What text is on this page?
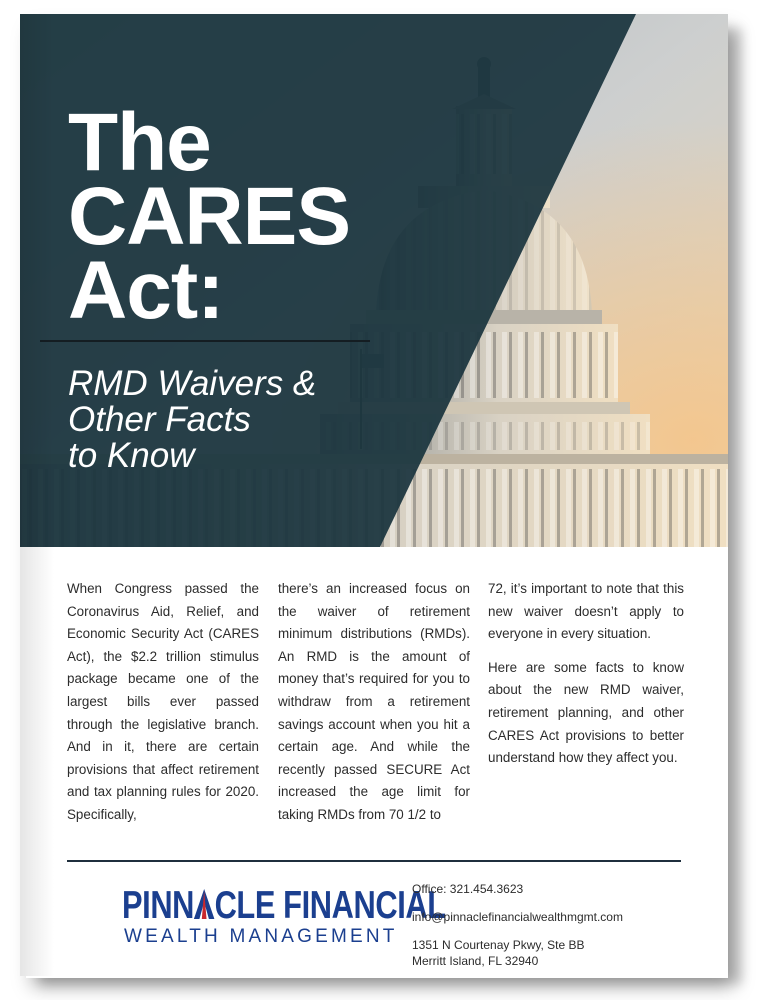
The
CARES
Act:
RMD Waivers &
Other Facts
to Know

When Congress passed the Coronavirus Aid, Relief, and Economic Security Act (CARES Act), the $2.2 trillion stimulus package became one of the largest bills ever passed through the legislative branch. And in it, there are certain provisions that affect retirement and tax planning rules for 2020. Specifically,

there’s an increased focus on the waiver of retirement minimum distributions (RMDs). An RMD is the amount of money that’s required for you to withdraw from a retirement savings account when you hit a certain age. And while the recently passed SECURE Act increased the age limit for taking RMDs from 70 1/2 to

72, it’s important to note that this new waiver doesn’t apply to everyone in every situation.

Here are some facts to know about the new RMD waiver, retirement planning, and other CARES Act provisions to better understand how they affect you.

PINN CLE FINANCIAL
WEALTH MANAGEMENT
Office: 321.454.3623
info@pinnaclefinancialwealthmgmt.com
1351 N Courtenay Pkwy, Ste BB
Merritt Island, FL 32940
